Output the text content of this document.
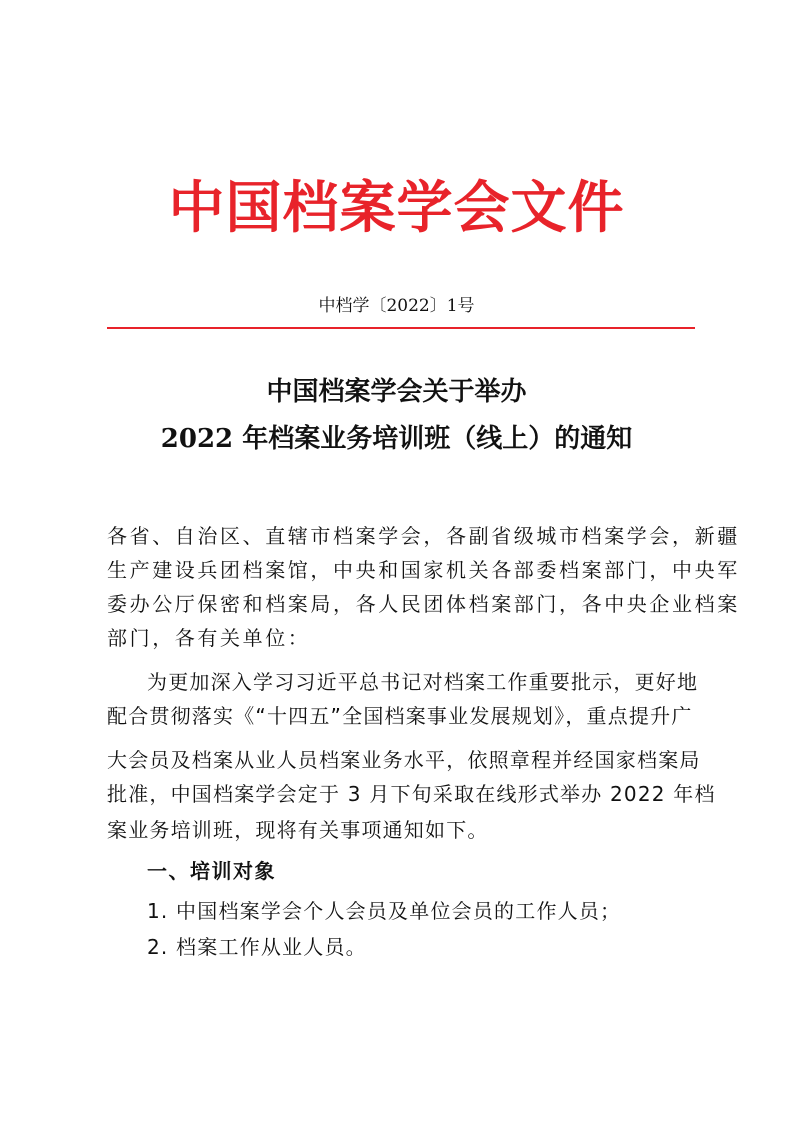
中国档案学会文件
中档学〔2022〕1号
中国档案学会关于举办
2022 年档案业务培训班（线上）的通知
各省、自治区、直辖市档案学会，各副省级城市档案学会，新疆
生产建设兵团档案馆，中央和国家机关各部委档案部门，中央军
委办公厅保密和档案局，各人民团体档案部门，各中央企业档案
部门，各有关单位：
为更加深入学习习近平总书记对档案工作重要批示，更好地
配合贯彻落实《“十四五”全国档案事业发展规划》，重点提升广
大会员及档案从业人员档案业务水平，依照章程并经国家档案局
批准，中国档案学会定于 3 月下旬采取在线形式举办 2022 年档
案业务培训班，现将有关事项通知如下。
一、培训对象
1. 中国档案学会个人会员及单位会员的工作人员；
2. 档案工作从业人员。
